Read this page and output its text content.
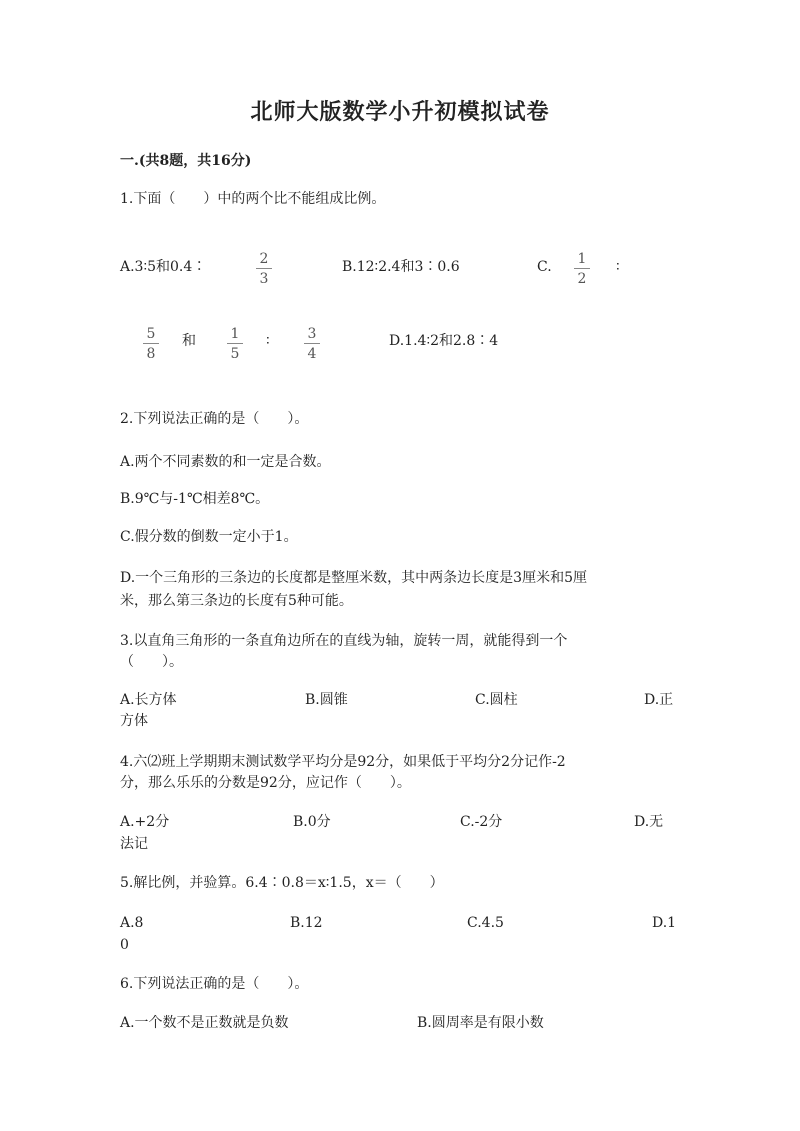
北师大版数学小升初模拟试卷
一.(共8题，共16分)
1.下面（　　）中的两个比不能组成比例。
A.3∶5和0.4∶	2
3
B.12∶2.4和3∶0.6	C.	1
2
∶
5
8
和	1
5
∶	3
4
D.1.4∶2和2.8∶4
2.下列说法正确的是（　　）。
A.两个不同素数的和一定是合数。
B.9℃与-1℃相差8℃。
C.假分数的倒数一定小于1。
D.一个三角形的三条边的长度都是整厘米数，其中两条边长度是3厘米和5厘
米，那么第三条边的长度有5种可能。
3.以直角三角形的一条直角边所在的直线为轴，旋转一周，就能得到一个
（　　）。
A.长方体	B.圆锥	C.圆柱	D.正
方体
4.六⑵班上学期期末测试数学平均分是92分，如果低于平均分2分记作-2
分，那么乐乐的分数是92分，应记作（　　）。
A.+2分	B.0分	C.-2分	D.无
法记
5.解比例，并验算。6.4∶0.8＝x∶1.5，x＝（　　）
A.8	B.12	C.4.5	D.1
0
6.下列说法正确的是（　　）。
A.一个数不是正数就是负数	B.圆周率是有限小数
